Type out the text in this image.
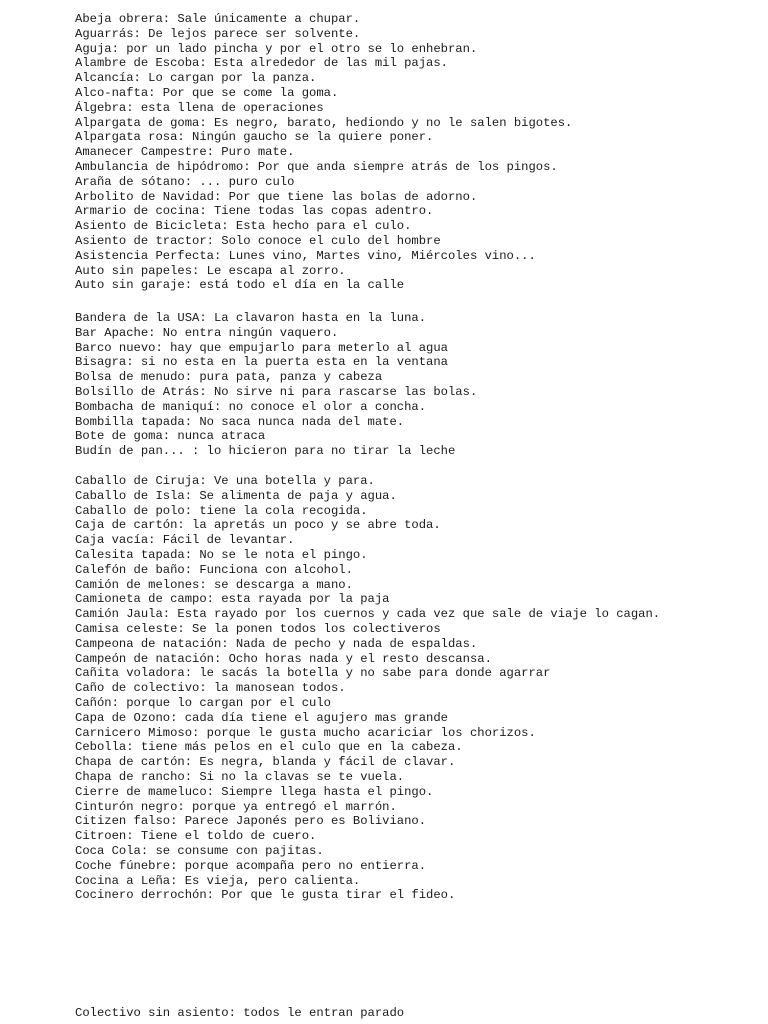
Abeja obrera: Sale únicamente a chupar.
Aguarrás: De lejos parece ser solvente.
Aguja: por un lado pincha y por el otro se lo enhebran.
Alambre de Escoba: Esta alrededor de las mil pajas.
Alcancía: Lo cargan por la panza.
Alco-nafta: Por que se come la goma.
Álgebra: esta llena de operaciones
Alpargata de goma: Es negro, barato, hediondo y no le salen bigotes.
Alpargata rosa: Ningún gaucho se la quiere poner.
Amanecer Campestre: Puro mate.
Ambulancia de hipódromo: Por que anda siempre atrás de los pingos.
Araña de sótano: ... puro culo
Arbolito de Navidad: Por que tiene las bolas de adorno.
Armario de cocina: Tiene todas las copas adentro.
Asiento de Bicicleta: Esta hecho para el culo.
Asiento de tractor: Solo conoce el culo del hombre
Asistencia Perfecta: Lunes vino, Martes vino, Miércoles vino...
Auto sin papeles: Le escapa al zorro.
Auto sin garaje: está todo el día en la calle
Bandera de la USA: La clavaron hasta en la luna.
Bar Apache: No entra ningún vaquero.
Barco nuevo: hay que empujarlo para meterlo al agua
Bisagra: si no esta en la puerta esta en la ventana
Bolsa de menudo: pura pata, panza y cabeza
Bolsillo de Atrás: No sirve ni para rascarse las bolas.
Bombacha de maniquí: no conoce el olor a concha.
Bombilla tapada: No saca nunca nada del mate.
Bote de goma: nunca atraca
Budín de pan... : lo hicieron para no tirar la leche
Caballo de Ciruja: Ve una botella y para.
Caballo de Isla: Se alimenta de paja y agua.
Caballo de polo: tiene la cola recogida.
Caja de cartón: la apretás un poco y se abre toda.
Caja vacía: Fácil de levantar.
Calesita tapada: No se le nota el pingo.
Calefón de baño: Funciona con alcohol.
Camión de melones: se descarga a mano.
Camioneta de campo: esta rayada por la paja
Camión Jaula: Esta rayado por los cuernos y cada vez que sale de viaje lo cagan.
Camisa celeste: Se la ponen todos los colectiveros
Campeona de natación: Nada de pecho y nada de espaldas.
Campeón de natación: Ocho horas nada y el resto descansa.
Cañita voladora: le sacás la botella y no sabe para donde agarrar
Caño de colectivo: la manosean todos.
Cañón: porque lo cargan por el culo
Capa de Ozono: cada día tiene el agujero mas grande
Carnicero Mimoso: porque le gusta mucho acariciar los chorizos.
Cebolla: tiene más pelos en el culo que en la cabeza.
Chapa de cartón: Es negra, blanda y fácil de clavar.
Chapa de rancho: Si no la clavas se te vuela.
Cierre de mameluco: Siempre llega hasta el pingo.
Cinturón negro: porque ya entregó el marrón.
Citizen falso: Parece Japonés pero es Boliviano.
Citroen: Tiene el toldo de cuero.
Coca Cola: se consume con pajitas.
Coche fúnebre: porque acompaña pero no entierra.
Cocina a Leña: Es vieja, pero calienta.
Cocinero derrochón: Por que le gusta tirar el fideo.
Colectivo sin asiento: todos le entran parado
